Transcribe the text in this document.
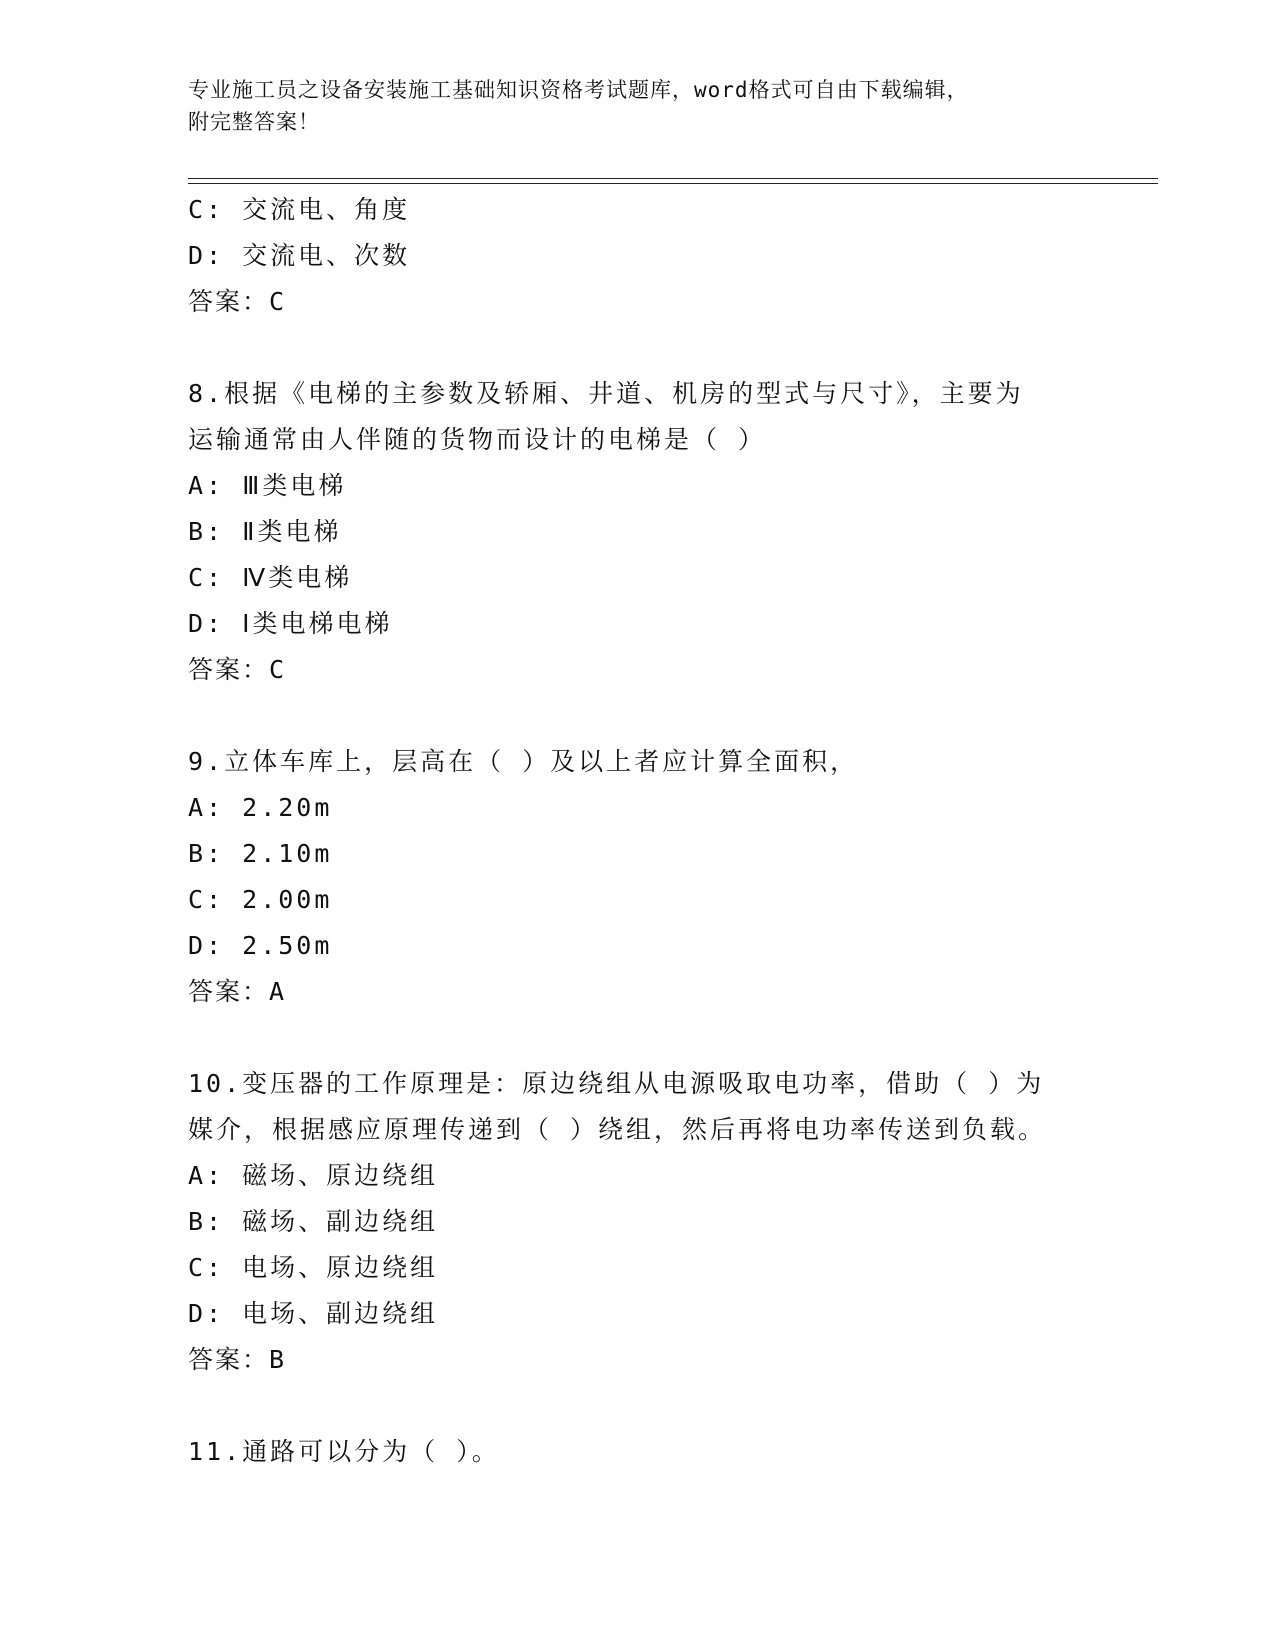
专业施工员之设备安装施工基础知识资格考试题库，word格式可自由下载编辑，
附完整答案！
C: 交流电、角度
D: 交流电、次数
答案：C
8.根据《电梯的主参数及轿厢、井道、机房的型式与尺寸》，主要为
运输通常由人伴随的货物而设计的电梯是（ ）
A: Ⅲ类电梯
B: Ⅱ类电梯
C: Ⅳ类电梯
D: Ⅰ类电梯电梯
答案：C
9.立体车库上，层高在（ ）及以上者应计算全面积，
A: 2.20m
B: 2.10m
C: 2.00m
D: 2.50m
答案：A
10.变压器的工作原理是：原边绕组从电源吸取电功率，借助（ ）为
媒介，根据感应原理传递到（ ）绕组，然后再将电功率传送到负载。
A: 磁场、原边绕组
B: 磁场、副边绕组
C: 电场、原边绕组
D: 电场、副边绕组
答案：B
11.通路可以分为（ ）。
